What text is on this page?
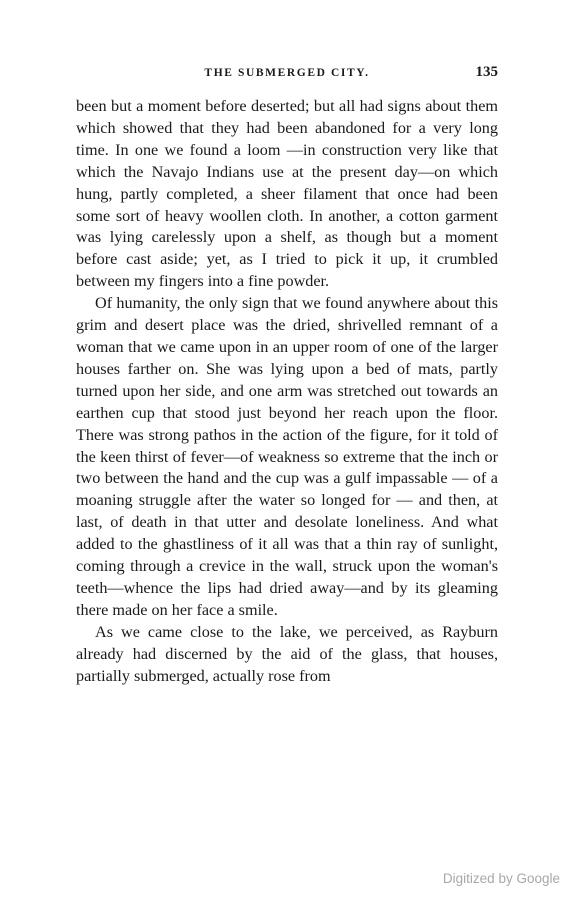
THE SUBMERGED CITY.	135

been but a moment before deserted; but all had signs about them which showed that they had been abandoned for a very long time. In one we found a loom —in construction very like that which the Navajo Indians use at the present day—on which hung, partly completed, a sheer filament that once had been some sort of heavy woollen cloth. In another, a cotton garment was lying carelessly upon a shelf, as though but a moment before cast aside; yet, as I tried to pick it up, it crumbled between my fingers into a fine powder.

Of humanity, the only sign that we found anywhere about this grim and desert place was the dried, shrivelled remnant of a woman that we came upon in an upper room of one of the larger houses farther on. She was lying upon a bed of mats, partly turned upon her side, and one arm was stretched out towards an earthen cup that stood just beyond her reach upon the floor. There was strong pathos in the action of the figure, for it told of the keen thirst of fever—of weakness so extreme that the inch or two between the hand and the cup was a gulf impassable — of a moaning struggle after the water so longed for — and then, at last, of death in that utter and desolate loneliness. And what added to the ghastliness of it all was that a thin ray of sunlight, coming through a crevice in the wall, struck upon the woman's teeth—whence the lips had dried away—and by its gleaming there made on her face a smile.

As we came close to the lake, we perceived, as Rayburn already had discerned by the aid of the glass, that houses, partially submerged, actually rose from

Digitized by Google
